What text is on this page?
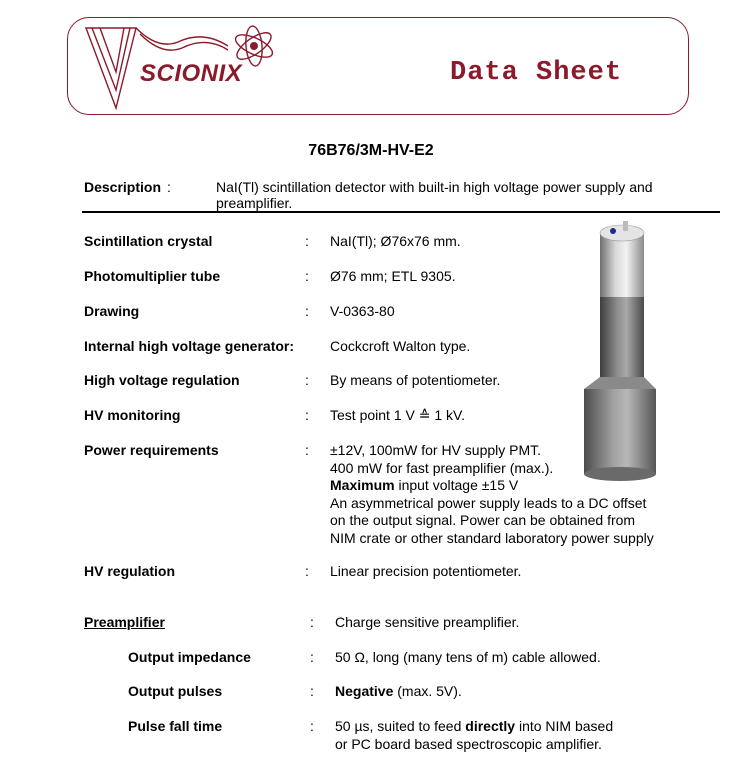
SCIONIX	Data Sheet
76B76/3M-HV-E2
Description :	NaI(Tl) scintillation detector with built-in high voltage power supply and preamplifier.
Scintillation crystal	: NaI(Tl); Ø76x76 mm.
Photomultiplier tube	: Ø76 mm; ETL 9305.
Drawing	: V-0363-80
Internal high voltage generator:	Cockcroft Walton type.
High voltage regulation	: By means of potentiometer.
HV monitoring	: Test point 1 V ≙ 1 kV.
Power requirements	: ±12V, 100mW for HV supply PMT.
400 mW for fast preamplifier (max.).
Maximum input voltage ±15 V
An asymmetrical power supply leads to a DC offset
on the output signal. Power can be obtained from
NIM crate or other standard laboratory power supply
HV regulation	: Linear precision potentiometer.
Preamplifier	: Charge sensitive preamplifier.
Output impedance	: 50 Ω, long (many tens of m) cable allowed.
Output pulses	: Negative (max. 5V).
Pulse fall time	: 50 µs, suited to feed directly into NIM based
or PC board based spectroscopic amplifier.
